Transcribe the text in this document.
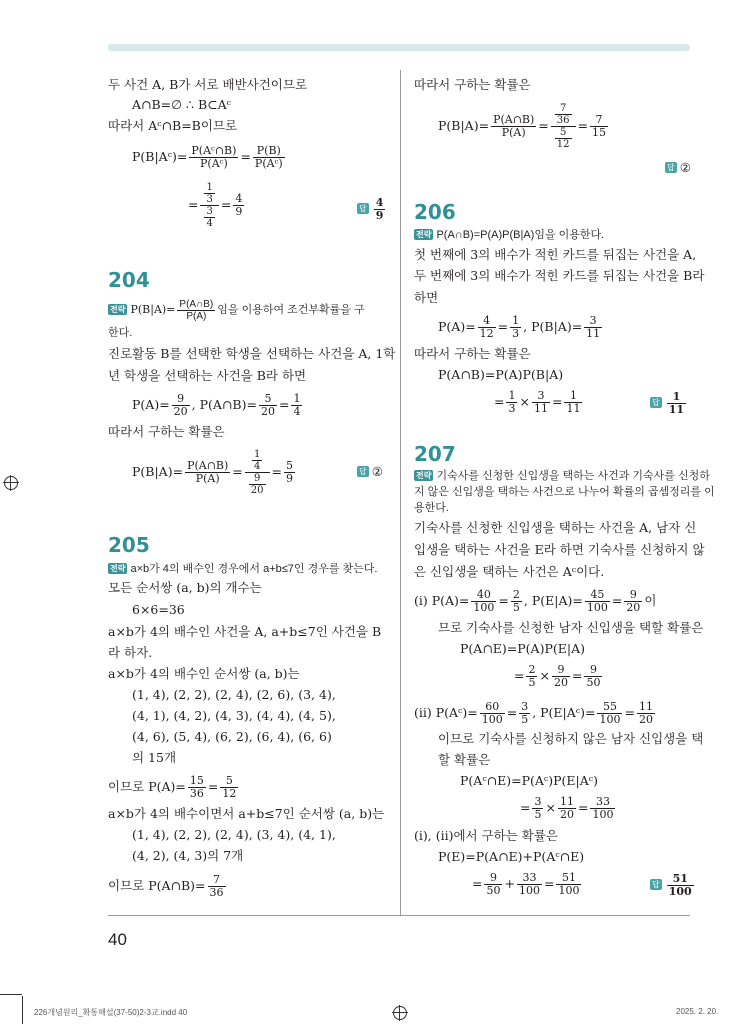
두 사건 A, B가 서로 배반사건이므로
A∩B=∅ ∴ B⊂Aᶜ
따라서 Aᶜ∩B=B이므로
P(B|Aᶜ)= $\frac{\text{P(Aᶜ∩B)}}{\text{P(Aᶜ)}} = \frac{P(B)}{\text{P(Aᶜ)}}$
= $\frac{\frac{1}{3}}{\frac{3}{4}} = \frac{4}{9}$	답 $\frac{4}{9}$
204
전략 $P(B|A)= \frac{P(A\cap B)}{P(A)}$ 임을 이용하여 조건부확률을 구
한다.
진로활동 B를 선택한 학생을 선택하는 사건을 A, 1학
년 학생을 선택하는 사건을 B라 하면
$P(A)= \frac{9}{20}$ , P(A∩B)= $\frac{5}{20} = \frac{1}{4}$
따라서 구하는 확률은
$P(B|A)= \frac{P(A\cap B)}{P(A)} = \frac{\frac{1}{4}}{\frac{9}{20}} = \frac{5}{9}$	답 ②
205
전략 a×b가 4의 배수인 경우에서 a+b≤7인 경우를 찾는다.
모든 순서쌍 (a, b)의 개수는
6×6=36
a×b가 4의 배수인 사건을 A, a+b≤7인 사건을 B
라 하자.
a×b가 4의 배수인 순서쌍 (a, b)는
(1, 4), (2, 2), (2, 4), (2, 6), (3, 4),
(4, 1), (4, 2), (4, 3), (4, 4), (4, 5),
(4, 6), (5, 4), (6, 2), (6, 4), (6, 6)
의 15개
이므로 $P(A)= \frac{15}{36} = \frac{5}{12}$
a×b가 4의 배수이면서 a+b≤7인 순서쌍 (a, b)는
(1, 4), (2, 2), (2, 4), (3, 4), (4, 1),
(4, 2), (4, 3)의 7개
이므로 P(A∩B)= $\frac{7}{36}$
따라서 구하는 확률은
$P(B|A)= \frac{P(A\cap B)}{P(A)} = \frac{\frac{7}{36}}{\frac{5}{12}} = \frac{7}{15}$
답 ②
206
전략 P(A∩B)=P(A)P(B|A)임을 이용한다.
첫 번째에 3의 배수가 적힌 카드를 뒤집는 사건을 A,
두 번째에 3의 배수가 적힌 카드를 뒤집는 사건을 B라
하면
$P(A)= \frac{4}{12} = \frac{1}{3}$ , $P(B|A)= \frac{3}{11}$
따라서 구하는 확률은
P(A∩B)=P(A)P(B|A)
= $\frac{1}{3} \times \frac{3}{11} = \frac{1}{11}$	답 $\frac{1}{11}$
207
전략 기숙사를 신청한 신입생을 택하는 사건과 기숙사를 신청하
지 않은 신입생을 택하는 사건으로 나누어 확률의 곱셈정리를 이
용한다.
기숙사를 신청한 신입생을 택하는 사건을 A, 남자 신
입생을 택하는 사건을 E라 하면 기숙사를 신청하지 않
은 신입생을 택하는 사건은 Aᶜ이다.
(ⅰ) $P(A)= \frac{40}{100} = \frac{2}{5}$ , $P(E|A)= \frac{45}{100} = \frac{9}{20}$ 이
므로 기숙사를 신청한 남자 신입생을 택할 확률은
P(A∩E)=P(A)P(E|A)
= $\frac{2}{5} \times \frac{9}{20} = \frac{9}{50}$
(ⅱ) P(Aᶜ)= $\frac{60}{100} = \frac{3}{5}$ , P(E|Aᶜ)= $\frac{55}{100} = \frac{11}{20}$
이므로 기숙사를 신청하지 않은 남자 신입생을 택
할 확률은
P(Aᶜ∩E)=P(Aᶜ)P(E|Aᶜ)
= $\frac{3}{5} \times \frac{11}{20} = \frac{33}{100}$
(ⅰ), (ⅱ)에서 구하는 확률은
P(E)=P(A∩E)+P(Aᶜ∩E)
= $\frac{9}{50} + \frac{33}{100} = \frac{51}{100}$	답 $\frac{51}{100}$
40
226개념원리_확통해설(37-50)2-3교.indd 40	2025. 2. 20.
